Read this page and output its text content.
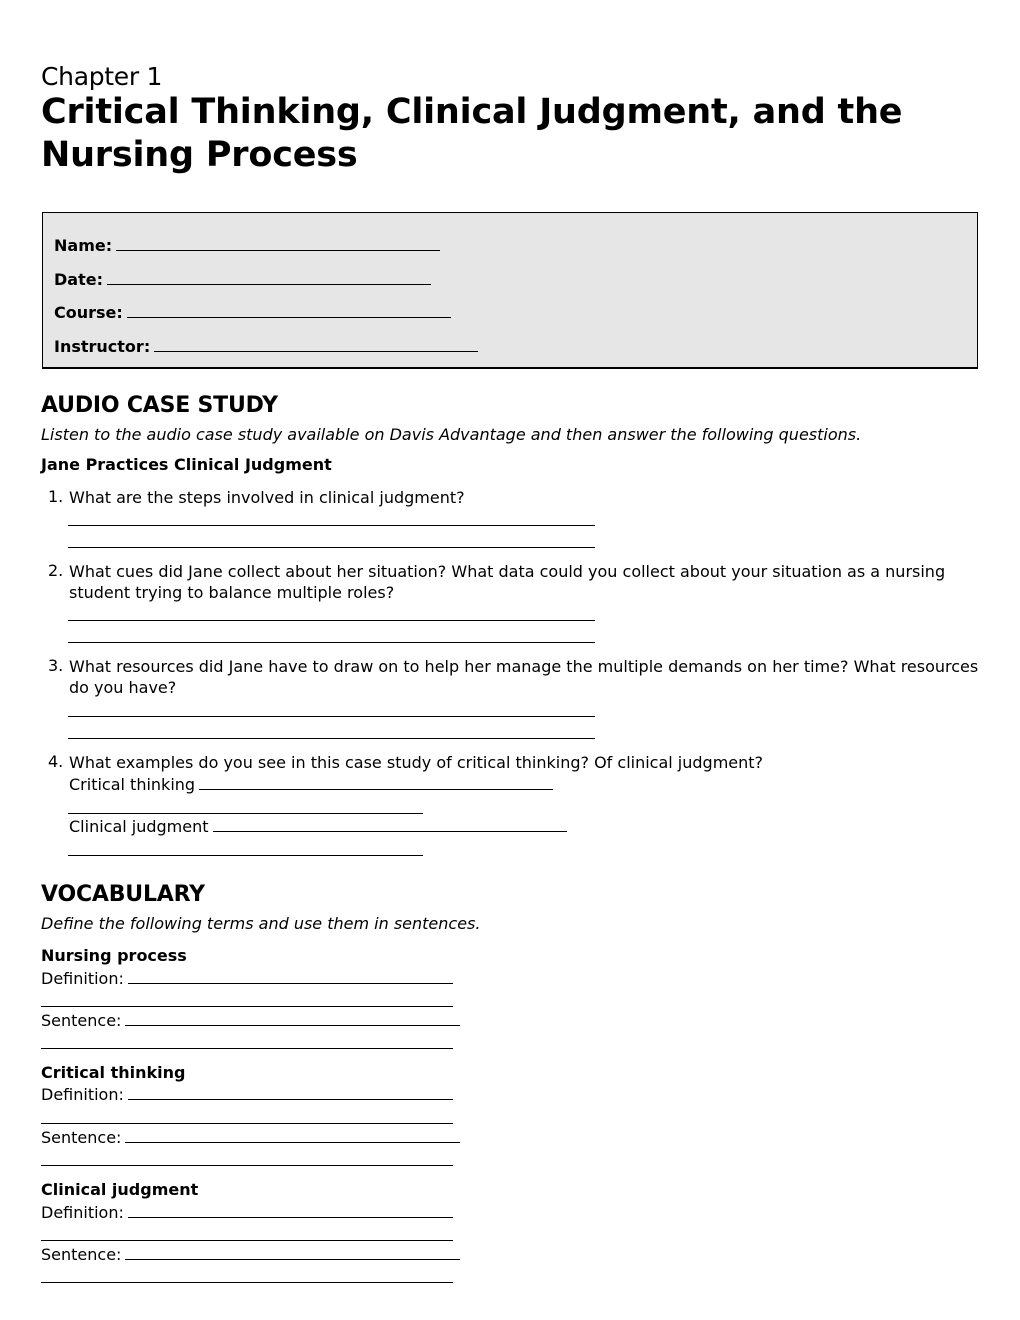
Chapter 1
Critical Thinking, Clinical Judgment, and the Nursing Process
Name:
Date:
Course:
Instructor:
AUDIO CASE STUDY
Listen to the audio case study available on Davis Advantage and then answer the following questions.
Jane Practices Clinical Judgment
1. What are the steps involved in clinical judgment?
2. What cues did Jane collect about her situation? What data could you collect about your situation as a nursing student trying to balance multiple roles?
3. What resources did Jane have to draw on to help her manage the multiple demands on her time? What resources do you have?
4. What examples do you see in this case study of critical thinking? Of clinical judgment?
Critical thinking
Clinical judgment
VOCABULARY
Define the following terms and use them in sentences.
Nursing process
Definition:
Sentence:
Critical thinking
Definition:
Sentence:
Clinical judgment
Definition:
Sentence:
